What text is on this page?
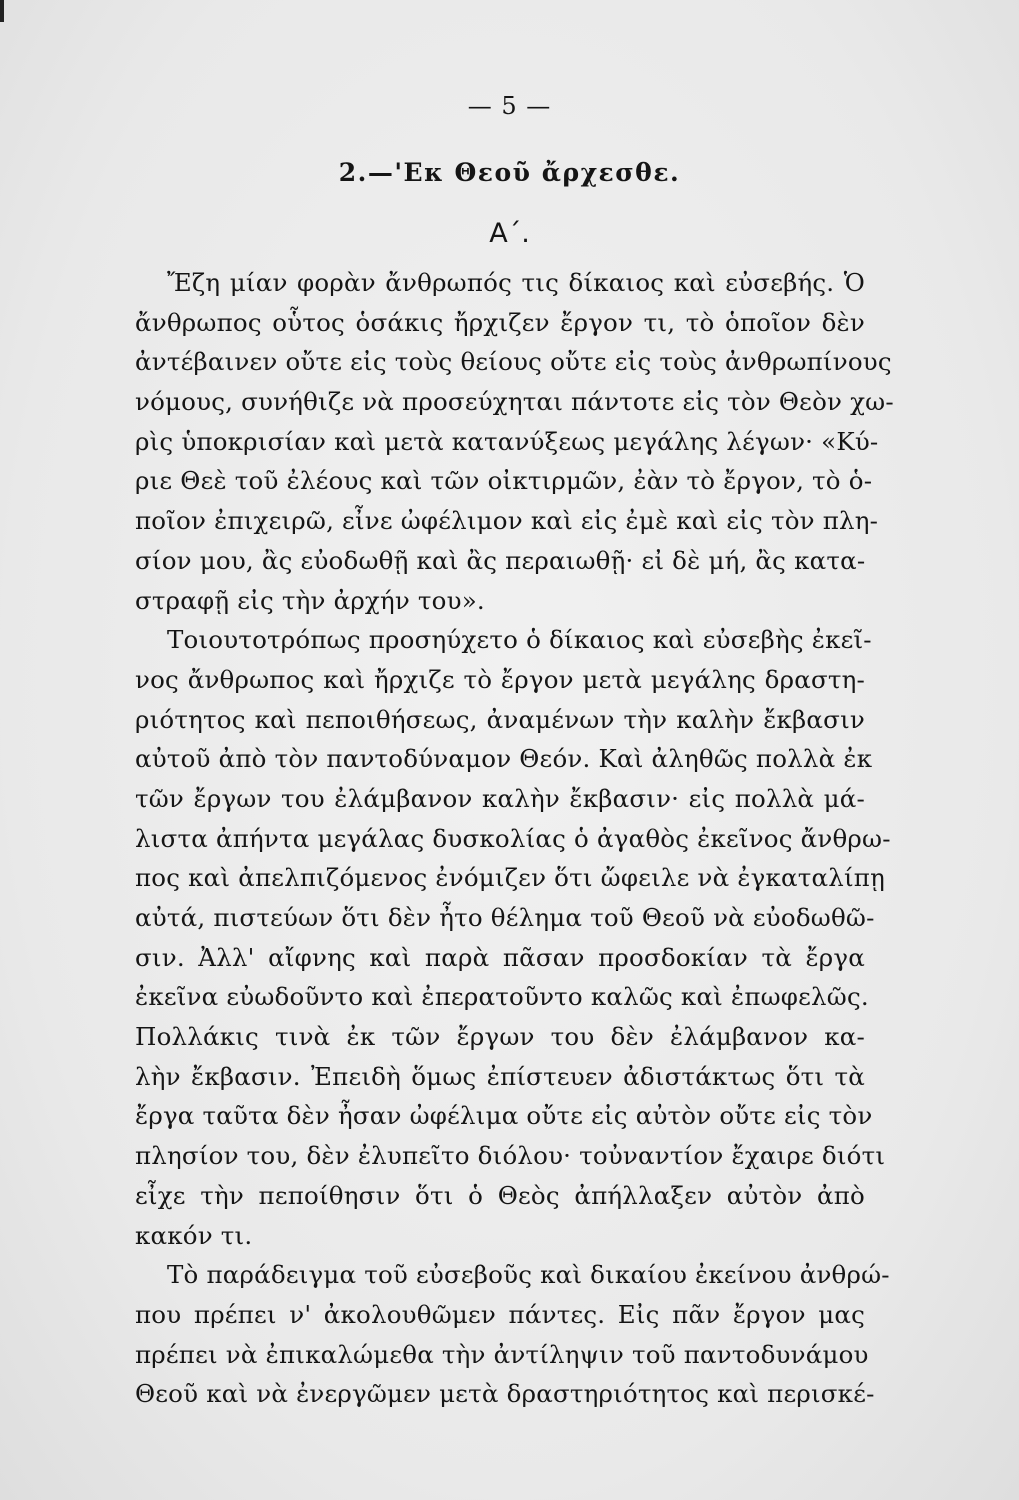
— 5 —
2.—'Εκ Θεοῦ ἄρχεσθε.
Α΄.
Ἔζη μίαν φορὰν ἄνθρωπός τις δίκαιος καὶ εὐσεβής. Ὁ
ἄνθρωπος οὗτος ὁσάκις ἤρχιζεν ἔργον τι, τὸ ὁποῖον δὲν
ἀντέβαινεν οὔτε εἰς τοὺς θείους οὔτε εἰς τοὺς ἀνθρωπίνους
νόμους, συνήθιζε νὰ προσεύχηται πάντοτε εἰς τὸν Θεὸν χω-
ρὶς ὑποκρισίαν καὶ μετὰ κατανύξεως μεγάλης λέγων· «Κύ-
ριε Θεὲ τοῦ ἐλέους καὶ τῶν οἰκτιρμῶν, ἐὰν τὸ ἔργον, τὸ ὁ-
ποῖον ἐπιχειρῶ, εἶνε ὠφέλιμον καὶ εἰς ἐμὲ καὶ εἰς τὸν πλη-
σίον μου, ἂς εὐοδωθῇ καὶ ἂς περαιωθῇ· εἰ δὲ μή, ἂς κατα-
στραφῇ εἰς τὴν ἀρχήν του».
Τοιουτοτρόπως προσηύχετο ὁ δίκαιος καὶ εὐσεβὴς ἐκεῖ-
νος ἄνθρωπος καὶ ἤρχιζε τὸ ἔργον μετὰ μεγάλης δραστη-
ριότητος καὶ πεποιθήσεως, ἀναμένων τὴν καλὴν ἔκβασιν
αὐτοῦ ἀπὸ τὸν παντοδύναμον Θεόν. Καὶ ἀληθῶς πολλὰ ἐκ
τῶν ἔργων του ἐλάμβανον καλὴν ἔκβασιν· εἰς πολλὰ μά-
λιστα ἀπήντα μεγάλας δυσκολίας ὁ ἀγαθὸς ἐκεῖνος ἄνθρω-
πος καὶ ἀπελπιζόμενος ἐνόμιζεν ὅτι ὤφειλε νὰ ἐγκαταλίπῃ
αὐτά, πιστεύων ὅτι δὲν ἦτο θέλημα τοῦ Θεοῦ νὰ εὐοδωθῶ-
σιν. Ἀλλ' αἴφνης καὶ παρὰ πᾶσαν προσδοκίαν τὰ ἔργα
ἐκεῖνα εὐωδοῦντο καὶ ἐπερατοῦντο καλῶς καὶ ἐπωφελῶς.
Πολλάκις τινὰ ἐκ τῶν ἔργων του δὲν ἐλάμβανον κα-
λὴν ἔκβασιν. Ἐπειδὴ ὅμως ἐπίστευεν ἀδιστάκτως ὅτι τὰ
ἔργα ταῦτα δὲν ἦσαν ὠφέλιμα οὔτε εἰς αὐτὸν οὔτε εἰς τὸν
πλησίον του, δὲν ἐλυπεῖτο διόλου· τοὐναντίον ἔχαιρε διότι
εἶχε τὴν πεποίθησιν ὅτι ὁ Θεὸς ἀπήλλαξεν αὐτὸν ἀπὸ
κακόν τι.
Τὸ παράδειγμα τοῦ εὐσεβοῦς καὶ δικαίου ἐκείνου ἀνθρώ-
που πρέπει ν' ἀκολουθῶμεν πάντες. Εἰς πᾶν ἔργον μας
πρέπει νὰ ἐπικαλώμεθα τὴν ἀντίληψιν τοῦ παντοδυνάμου
Θεοῦ καὶ νὰ ἐνεργῶμεν μετὰ δραστηριότητος καὶ περισκέ-
